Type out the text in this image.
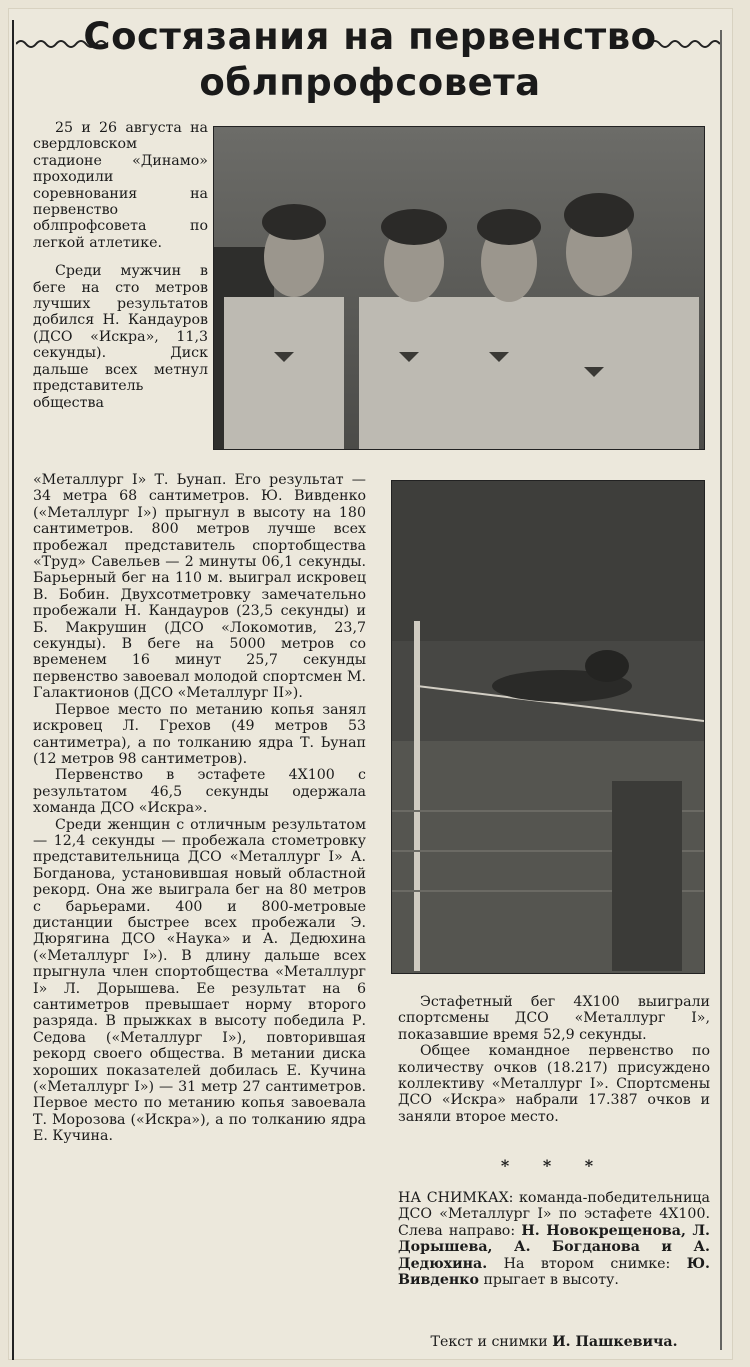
Состязания на первенство
облпрофсовета

25 и 26 августа на свердловском стадионе «Динамо» проходили соревнования на первенство облпрофсовета по легкой атлетике.

Среди мужчин в беге на сто метров лучших результатов добился Н. Кандауров (ДСО «Искра», 11,3 секунды). Диск дальше всех метнул представитель общества

«Металлург I» Т. Ьунап. Его результат — 34 метра 68 сантиметров. Ю. Вивденко («Металлург I») прыгнул в высоту на 180 сантиметров. 800 метров лучше всех пробежал представитель спортобщества «Труд» Савельев — 2 минуты 06,1 секунды. Барьерный бег на 110 м. выиграл искровец В. Бобин. Двухсотметровку замечательно пробежали Н. Кандауров (23,5 секунды) и Б. Макрушин (ДСО «Локомотив, 23,7 секунды). В беге на 5000 метров со временем 16 минут 25,7 секунды первенство завоевал молодой спортсмен М. Галактионов (ДСО «Металлург II»).

Первое место по метанию копья занял искровец Л. Грехов (49 метров 53 сантиметра), а по толканию ядра Т. Ьунап (12 метров 98 сантиметров).

Первенство в эстафете 4Х100 с результатом 46,5 секунды одержала хоманда ДСО «Искра».

Среди женщин с отличным результатом — 12,4 секунды — пробежала стометровку представительница ДСО «Металлург I» А. Богданова, установившая новый областной рекорд. Она же выиграла бег на 80 метров с барьерами. 400 и 800-метровые дистанции быстрее всех пробежали Э. Дюрягина ДСО «Наука» и А. Дедюхина («Металлург I»). В длину дальше всех прыгнула член спортобщества «Металлург I» Л. Дорышева. Ее результат на 6 сантиметров превышает норму второго разряда. В прыжках в высоту победила Р. Седова («Металлург I»), повторившая рекорд своего общества. В метании диска хороших показателей добилась Е. Кучина («Металлург I») — 31 метр 27 сантиметров. Первое место по метанию копья завоевала Т. Морозова («Искра»), а по толканию ядра Е. Кучина.

Эстафетный бег 4Х100 выиграли спортсмены ДСО «Металлург I», показавшие время 52,9 секунды.

Общее командное первенство по количеству очков (18.217) присуждено коллективу «Металлург I». Спортсмены ДСО «Искра» набрали 17.387 очков и заняли второе место.

* * *

НА СНИМКАХ: команда-победительница ДСО «Металлург I» по эстафете 4Х100. Слева направо: Н. Новокрещенова, Л. Дорышева, А. Богданова и А. Дедюхина. На втором снимке: Ю. Вивденко прыгает в высоту.

Текст и снимки И. Пашкевича.
